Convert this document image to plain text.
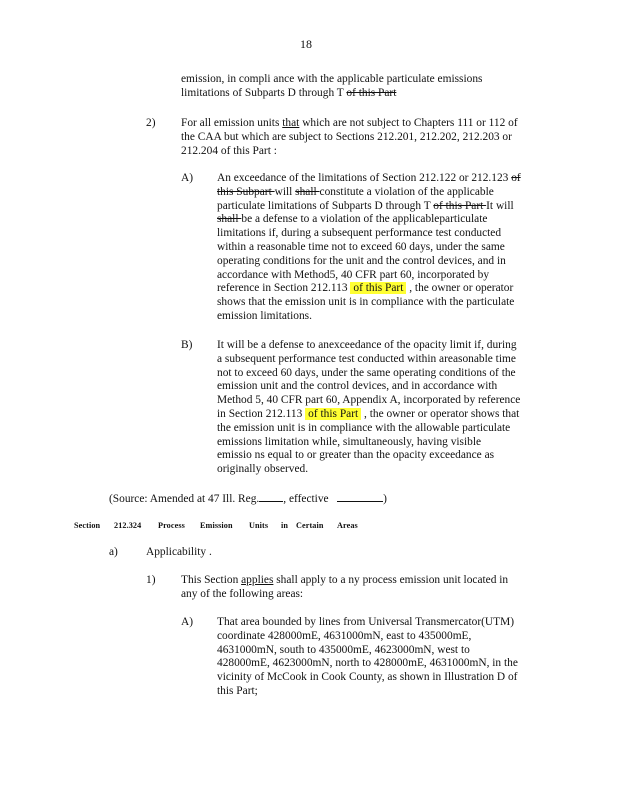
18
emission, in compli ance with the applicable particulate emissions
limitations of Subparts D through T of this Part
2) For all emission units that which are not subject to Chapters 111 or 112 of
the CAA but which are subject to Sections 212.201, 212.202, 212.203 or
212.204 of this Part :
A) An exceedance of the limitations of Section 212.122 or 212.123 of
this Subpart will shall constitute a violation of the applicable
particulate limitations of Subparts D through T of this Part It will
shall be a defense to a violation of the applicableparticulate
limitations if, during a subsequent performance test conducted
within a reasonable time not to exceed 60 days, under the same
operating conditions for the unit and the control devices, and in
accordance with Method5, 40 CFR part 60, incorporated by
reference in Section 212.113 of this Part , the owner or operator
shows that the emission unit is in compliance with the particulate
emission limitations.
B) It will be a defense to anexceedance of the opacity limit if, during
a subsequent performance test conducted within areasonable time
not to exceed 60 days, under the same operating conditions of the
emission unit and the control devices, and in accordance with
Method 5, 40 CFR part 60, Appendix A, incorporated by reference
in Section 212.113 of this Part , the owner or operator shows that
the emission unit is in compliance with the allowable particulate
emissions limitation while, simultaneously, having visible
emissio ns equal to or greater than the opacity exceedance as
originally observed.
(Source: Amended at 47 Ill. Reg. , effective	)
Section 212.324 Process Emission Units in Certain Areas
a) Applicability .
1) This Section applies shall apply to a ny process emission unit located in
any of the following areas:
A) That area bounded by lines from Universal Transmercator(UTM)
coordinate 428000mE, 4631000mN, east to 435000mE,
4631000mN, south to 435000mE, 4623000mN, west to
428000mE, 4623000mN, north to 428000mE, 4631000mN, in the
vicinity of McCook in Cook County, as shown in Illustration D of
this Part;
